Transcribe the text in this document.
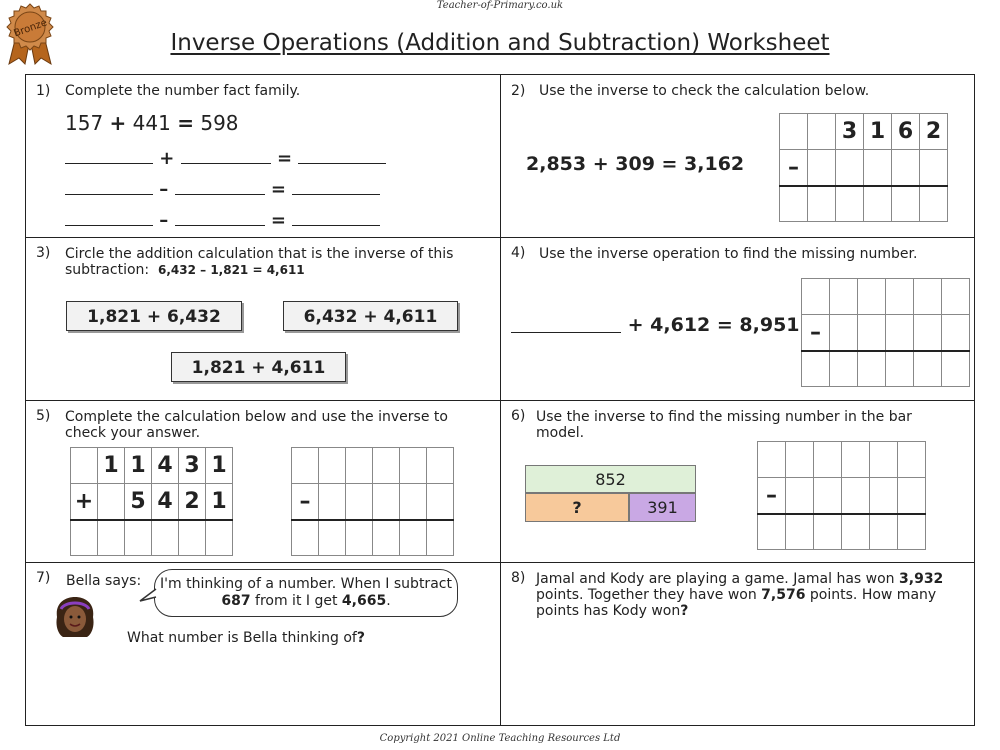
Teacher-of-Primary.co.uk
Bronze
Inverse Operations (Addition and Subtraction) Worksheet
1) Complete the number fact family.
157 + 441 = 598
+	=
–	=
–	=
2) Use the inverse to check the calculation below.
2,853 + 309 = 3,162
		3	1	6	2
–					

3) Circle the addition calculation that is the inverse of this
subtraction: 6,432 – 1,821 = 4,611
1,821 + 6,432	6,432 + 4,611
1,821 + 4,611
4) Use the inverse operation to find the missing number.
+ 4,612 = 8,951
					–					

5) Complete the calculation below and use the inverse to
check your answer.
	1	1	4	3	1
+		5	4	2	1

						–					

6) Use the inverse to find the missing number in the bar
model.
852
?	391
						–					

7) Bella says:	I'm thinking of a number. When I subtract 687 from it I get 4,665.
What number is Bella thinking of?
8) Jamal and Kody are playing a game. Jamal has won 3,932 points. Together they have won 7,576 points. How many points has Kody won?
Copyright 2021 Online Teaching Resources Ltd
